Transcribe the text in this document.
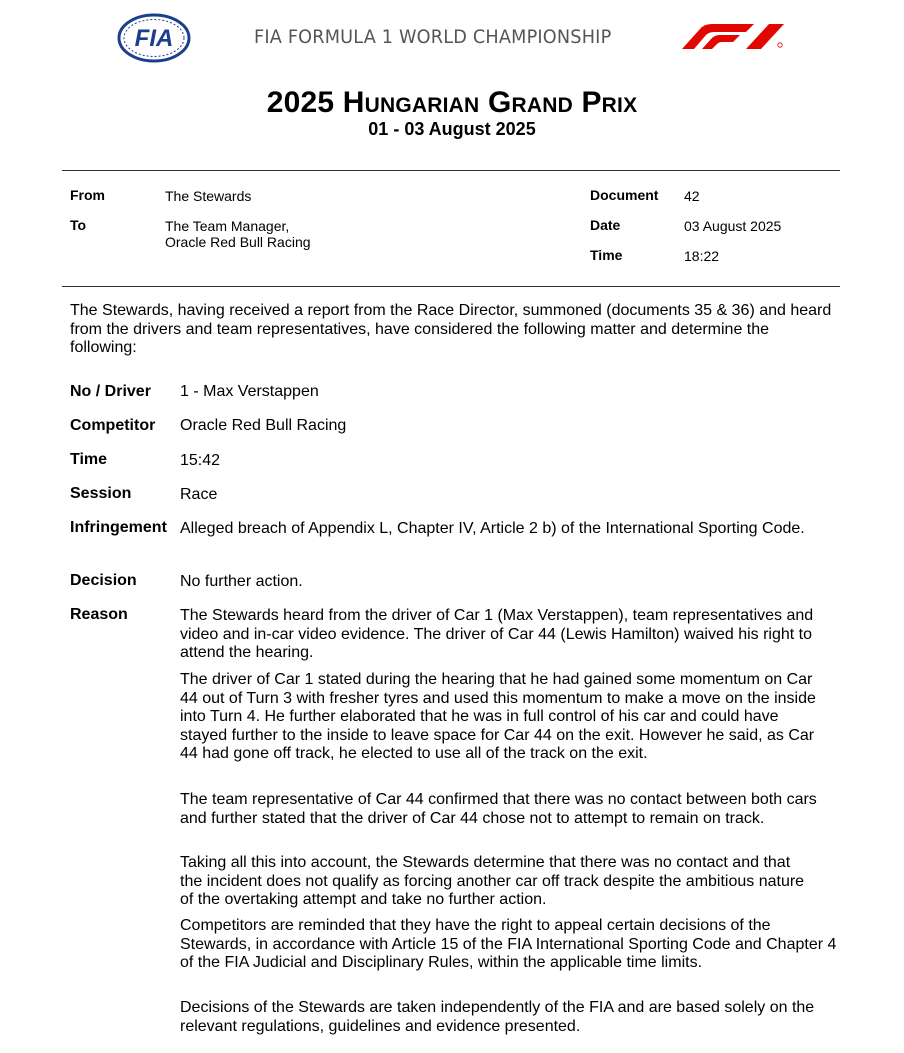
FIA	FIA FORMULA 1 WORLD CHAMPIONSHIP
2025 Hungarian Grand Prix
01 - 03 August 2025
From	The Stewards
To	The Team Manager,
Oracle Red Bull Racing
Document 42
Date	03 August 2025
Time	18:22
The Stewards, having received a report from the Race Director, summoned (documents 35 & 36) and heard from the drivers and team representatives, have considered the following matter and determine the following:
No / Driver 1 - Max Verstappen
Competitor Oracle Red Bull Racing
Time	15:42
Session	Race
Infringement Alleged breach of Appendix L, Chapter IV, Article 2 b) of the International Sporting Code.
Decision	No further action.
Reason	The Stewards heard from the driver of Car 1 (Max Verstappen), team representatives and video and in-car video evidence. The driver of Car 44 (Lewis Hamilton) waived his right to attend the hearing.
The driver of Car 1 stated during the hearing that he had gained some momentum on Car 44 out of Turn 3 with fresher tyres and used this momentum to make a move on the inside into Turn 4. He further elaborated that he was in full control of his car and could have stayed further to the inside to leave space for Car 44 on the exit. However he said, as Car 44 had gone off track, he elected to use all of the track on the exit.
The team representative of Car 44 confirmed that there was no contact between both cars and further stated that the driver of Car 44 chose not to attempt to remain on track.
Taking all this into account, the Stewards determine that there was no contact and that the incident does not qualify as forcing another car off track despite the ambitious nature of the overtaking attempt and take no further action.
Competitors are reminded that they have the right to appeal certain decisions of the Stewards, in accordance with Article 15 of the FIA International Sporting Code and Chapter 4 of the FIA Judicial and Disciplinary Rules, within the applicable time limits.
Decisions of the Stewards are taken independently of the FIA and are based solely on the relevant regulations, guidelines and evidence presented.
